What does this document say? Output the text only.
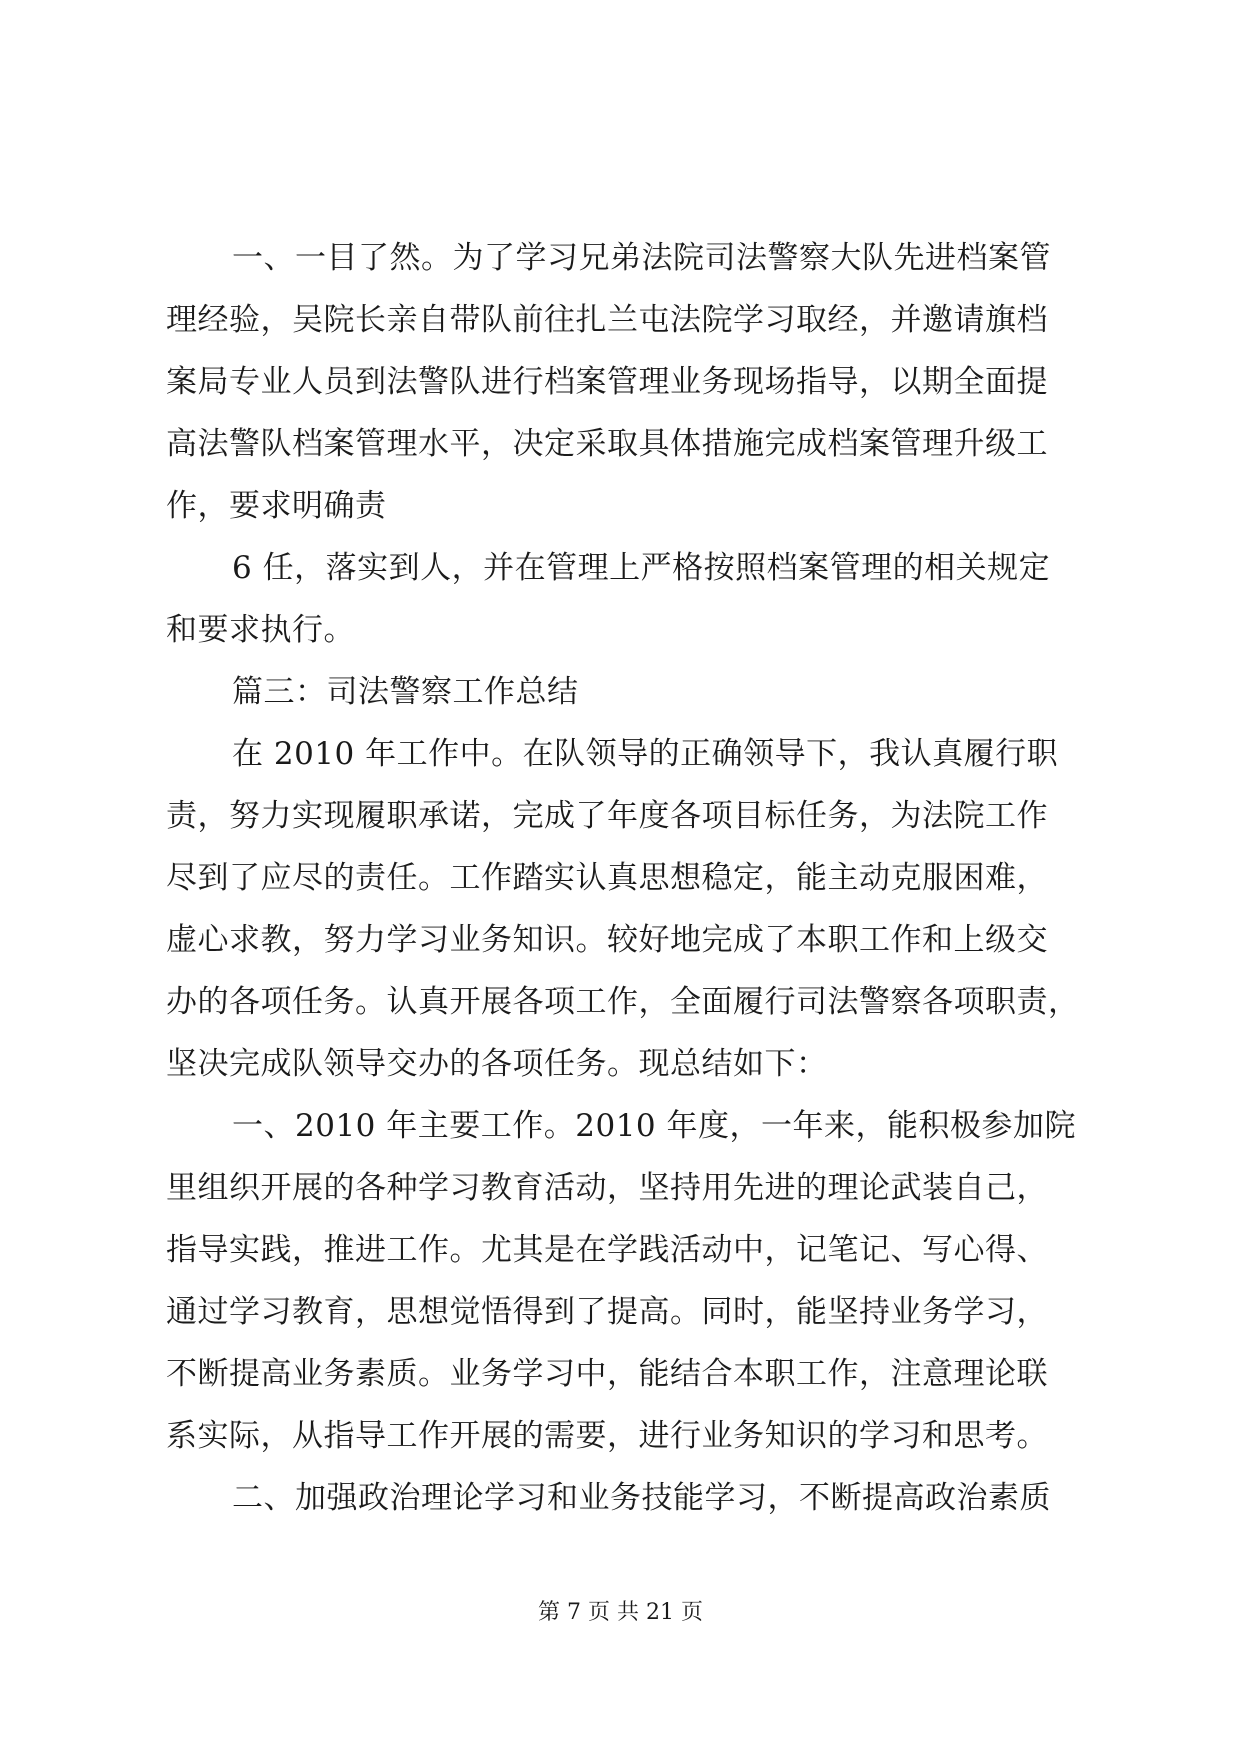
一、一目了然。为了学习兄弟法院司法警察大队先进档案管
理经验，吴院长亲自带队前往扎兰屯法院学习取经，并邀请旗档
案局专业人员到法警队进行档案管理业务现场指导，以期全面提
高法警队档案管理水平，决定采取具体措施完成档案管理升级工
作，要求明确责
6 任，落实到人，并在管理上严格按照档案管理的相关规定
和要求执行。
篇三：司法警察工作总结
在 2010 年工作中。在队领导的正确领导下，我认真履行职
责，努力实现履职承诺，完成了年度各项目标任务，为法院工作
尽到了应尽的责任。工作踏实认真思想稳定，能主动克服困难，
虚心求教，努力学习业务知识。较好地完成了本职工作和上级交
办的各项任务。认真开展各项工作，全面履行司法警察各项职责，
坚决完成队领导交办的各项任务。现总结如下：
一、2010 年主要工作。2010 年度，一年来，能积极参加院
里组织开展的各种学习教育活动，坚持用先进的理论武装自己，
指导实践，推进工作。尤其是在学践活动中，记笔记、写心得、
通过学习教育，思想觉悟得到了提高。同时，能坚持业务学习，
不断提高业务素质。业务学习中，能结合本职工作，注意理论联
系实际，从指导工作开展的需要，进行业务知识的学习和思考。
二、加强政治理论学习和业务技能学习，不断提高政治素质
第 7 页 共 21 页
